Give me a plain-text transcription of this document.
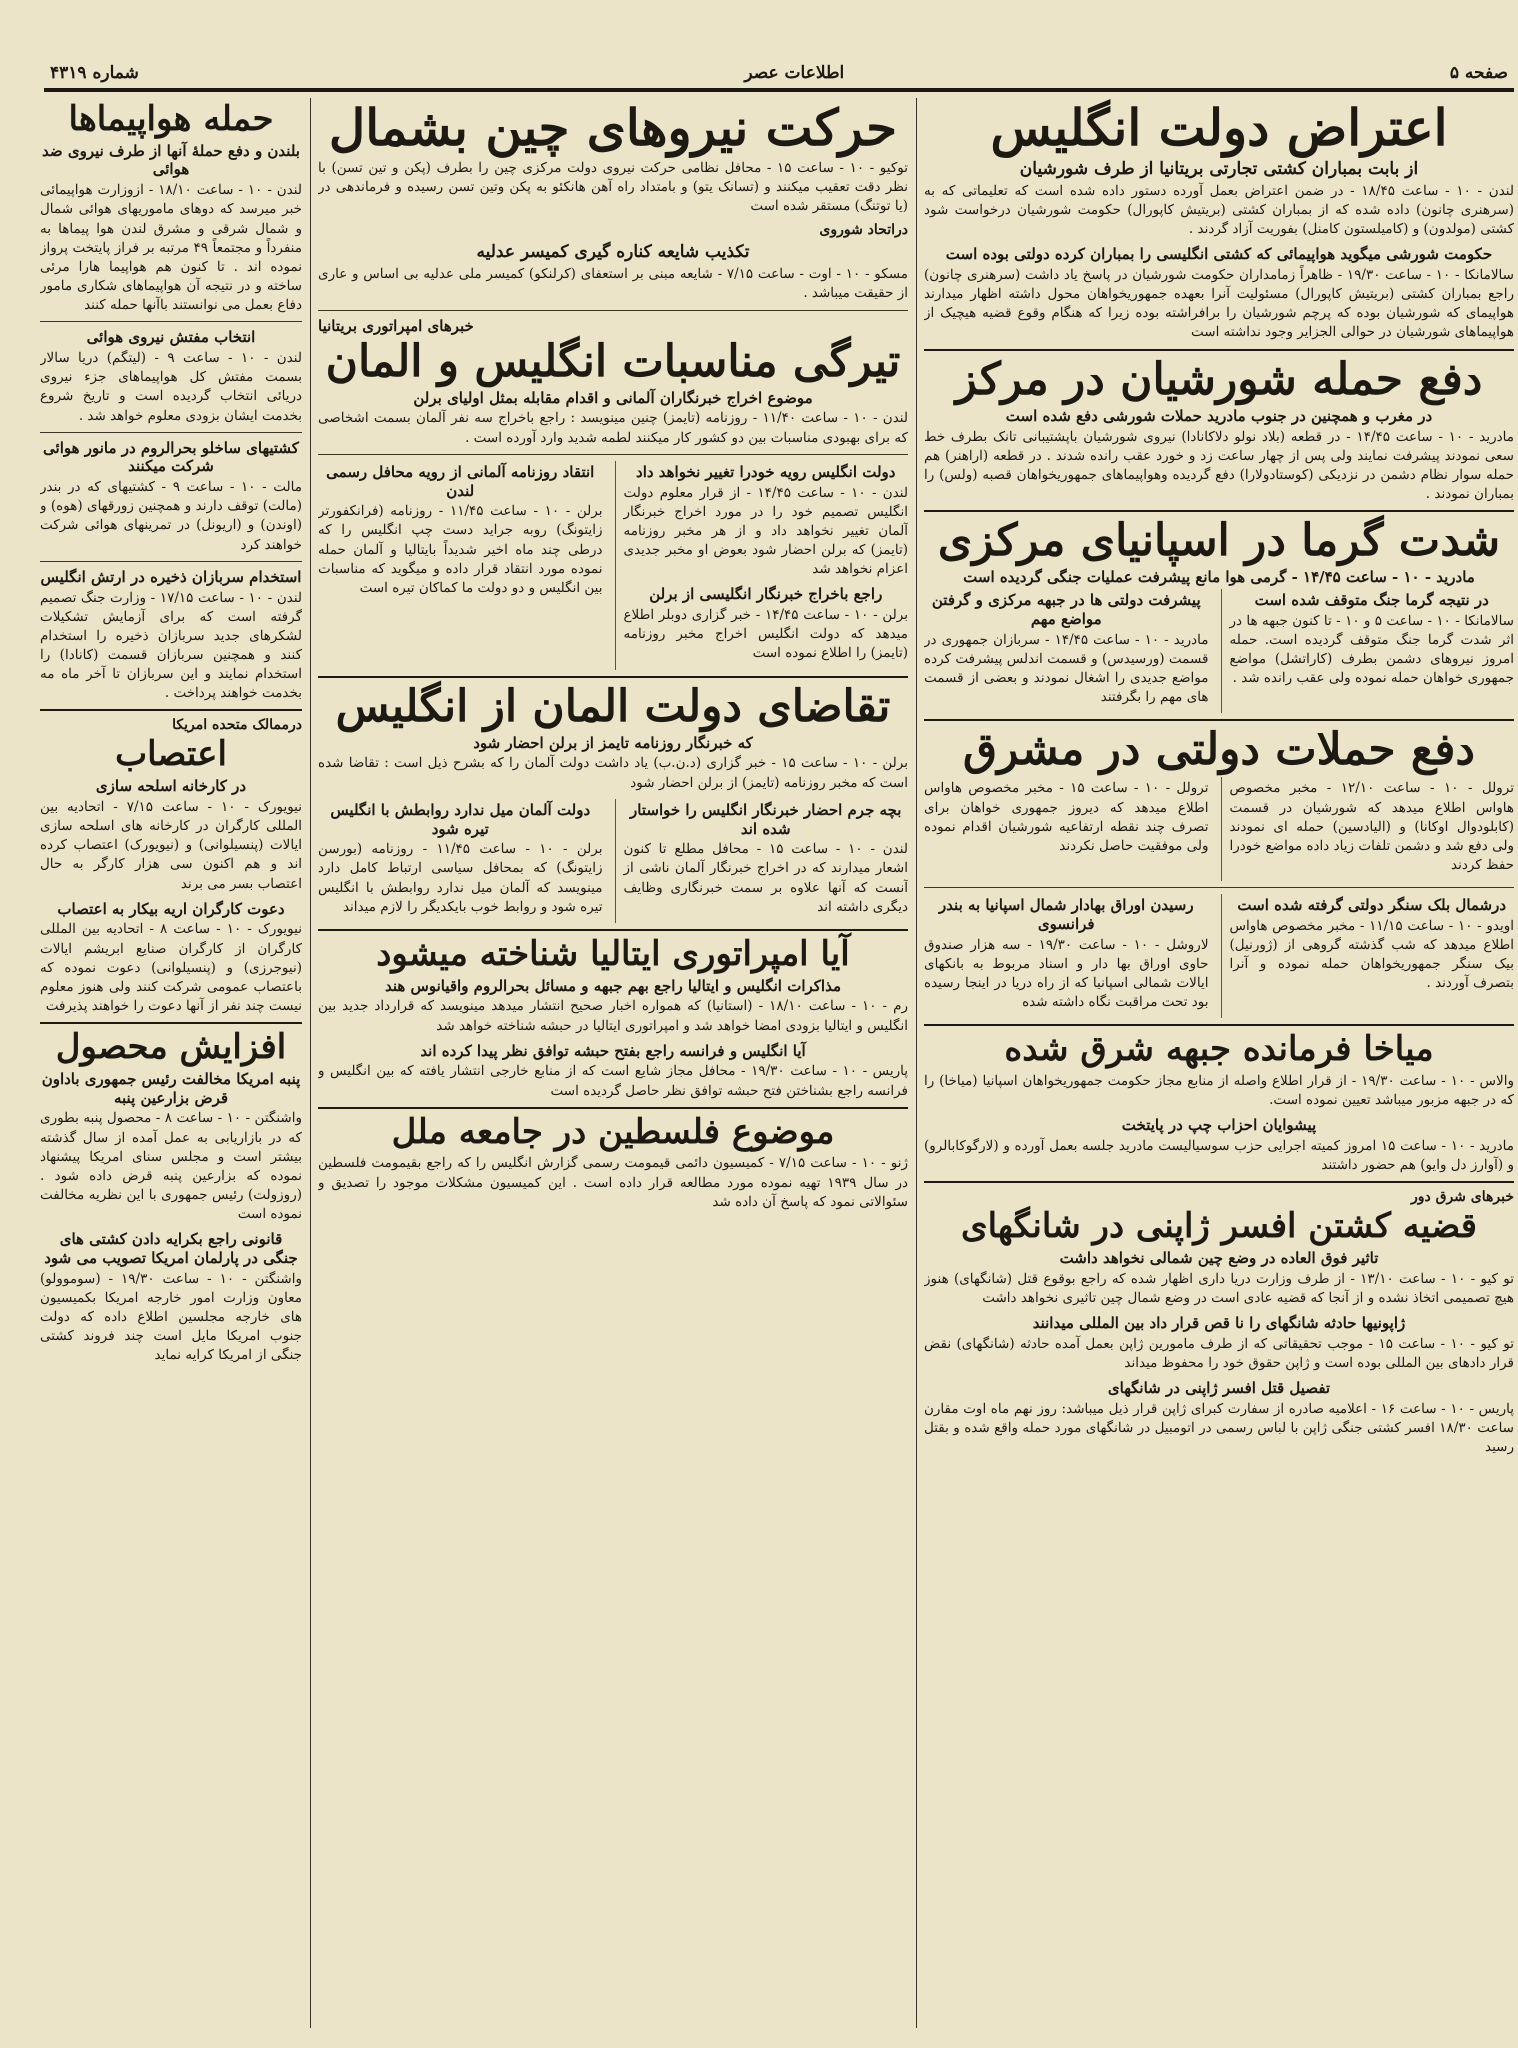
صفحه ۵
اطلاعات عصر
شماره ۴۳۱۹
اعتراض دولت انگلیس
از بابت بمباران کشتی تجارتی بریتانیا از طرف شورشیان
لندن - ۱۰ - ساعت ۱۸/۴۵ - در ضمن اعتراض بعمل آورده دستور داده شده است که تعلیماتی که به (سرهنری چانون) داده شده که از بمباران کشتی (بریتیش کاپورال) حکومت شورشیان درخواست شود کشتی (مولدون) و (کامیلستون کامنل) بفوریت آزاد گردند .
حکومت شورشی میگوید هواپیمائی که کشتی انگلیسی را بمباران کرده دولتی بوده است
سالامانکا - ۱۰ - ساعت ۱۹/۳۰ - ظاهراً زمامداران حکومت شورشیان در پاسخ یاد داشت (سرهنری چانون) راجع بمباران کشتی (بریتیش کاپورال) مسئولیت آنرا بعهده جمهوریخواهان محول داشته اظهار میدارند هواپیمای که شورشیان بوده که پرچم شورشیان را برافراشته بوده زیرا که هنگام وقوع قضیه هیچیک از هواپیماهای شورشیان در حوالی الجزایر وجود نداشته است
دفع حمله شورشیان در مرکز
در مغرب و همچنین در جنوب مادرید حملات شورشی دفع شده است
مادرید - ۱۰ - ساعت ۱۴/۴۵ - در قطعه (بلاد نولو دلاکانادا) نیروی شورشیان باپشتیبانی تانک بطرف خط سعی نمودند پیشرفت نمایند ولی پس از چهار ساعت زد و خورد عقب رانده شدند . در قطعه (اراهنر) هم حمله سوار نظام دشمن در نزدیکی (کوستادولارا) دفع گردیده وهواپیماهای جمهوریخواهان قصبه (ولس) را بمباران نمودند .
شدت گرما در اسپانیای مرکزی
مادرید - ۱۰ - ساعت ۱۴/۴۵ - گرمی هوا مانع پیشرفت عملیات جنگی گردیده است
در نتیجه گرما جنگ متوقف شده است
سالامانکا - ۱۰ - ساعت ۵ و ۱۰ - تا کنون جبهه ها در اثر شدت گرما جنگ متوقف گردیده است. حمله امروز نیروهای دشمن بطرف (کاراتشل) مواضع جمهوری خواهان حمله نموده ولی عقب رانده شد .
پیشرفت دولتی ها در جبهه مرکزی و گرفتن مواضع مهم
مادرید - ۱۰ - ساعت ۱۴/۴۵ - سربازان جمهوری در قسمت (ورسیدس) و قسمت اندلس پیشرفت کرده مواضع جدیدی را اشغال نمودند و بعضی از قسمت های مهم را بگرفتند
دفع حملات دولتی در مشرق
ترولل - ۱۰ - ساعت ۱۲/۱۰ - مخبر مخصوص هاواس اطلاع میدهد که شورشیان در قسمت (کابلودوال اوکانا) و (الیادسین) حمله ای نمودند ولی دفع شد و دشمن تلفات زیاد داده مواضع خودرا حفظ کردند
ترولل - ۱۰ - ساعت ۱۵ - مخبر مخصوص هاواس اطلاع میدهد که دیروز جمهوری خواهان برای تصرف چند نقطه ارتفاعیه شورشیان اقدام نموده ولی موفقیت حاصل نکردند
درشمال بلک سنگر دولتی گرفته شده است
اویدو - ۱۰ - ساعت ۱۱/۱۵ - مخبر مخصوص هاواس اطلاع میدهد که شب گذشته گروهی از (ژورنیل) بیک سنگر جمهوریخواهان حمله نموده و آنرا بتصرف آوردند .
رسیدن اوراق بهادار شمال اسپانیا به بندر فرانسوی
لاروشل - ۱۰ - ساعت ۱۹/۳۰ - سه هزار صندوق حاوی اوراق بها دار و اسناد مربوط به بانکهای ایالات شمالی اسپانیا که از راه دریا در اینجا رسیده بود تحت مراقبت نگاه داشته شده
میاخا فرمانده جبهه شرق شده
والاس - ۱۰ - ساعت ۱۹/۳۰ - از قرار اطلاع واصله از منابع مجاز حکومت جمهوریخواهان اسپانیا (میاخا) را که در جبهه مزبور میباشد تعیین نموده است.
پیشوایان احزاب چپ در پایتخت
مادرید - ۱۰ - ساعت ۱۵ امروز کمیته اجرایی حزب سوسیالیست مادرید جلسه بعمل آورده و (لارگوکابالرو) و (آوارز دل وایو) هم حضور داشتند
خبرهای شرق دور
قضیه کشتن افسر ژاپنی در شانگهای
تاثیر فوق العاده در وضع چین شمالی نخواهد داشت
تو کیو - ۱۰ - ساعت ۱۳/۱۰ - از طرف وزارت دریا داری اظهار شده که راجع بوقوع قتل (شانگهای) هنوز هیچ تصمیمی اتخاذ نشده و از آنجا که قضیه عادی است در وضع شمال چین تاثیری نخواهد داشت
ژاپونیها حادثه شانگهای را نا قص قرار داد بین المللی میدانند
تو کیو - ۱۰ - ساعت ۱۵ - موجب تحقیقاتی که از طرف مامورین ژاپن بعمل آمده حادثه (شانگهای) نقض قرار دادهای بین المللی بوده است و ژاپن حقوق خود را محفوظ میداند
تفصیل قتل افسر ژاپنی در شانگهای
پاریس - ۱۰ - ساعت ۱۶ - اعلامیه صادره از سفارت کبرای ژاپن قرار ذیل میباشد: روز نهم ماه اوت مقارن ساعت ۱۸/۳۰ افسر کشتی جنگی ژاپن با لباس رسمی در اتومبیل در شانگهای مورد حمله واقع شده و بقتل رسید
حرکت نیروهای چین بشمال
توکیو - ۱۰ - ساعت ۱۵ - محافل نظامی حرکت نیروی دولت مرکزی چین را بطرف (پکن و تین تسن) با نظر دقت تعقیب میکنند و (تسانک یتو) و بامتداد راه آهن هانکئو به پکن وتین تسن رسیده و فرماندهی در (یا توتنگ) مستقر شده است
دراتحاد شوروی
تکذیب شایعه کناره گیری کمیسر عدلیه
مسکو - ۱۰ - اوت - ساعت ۷/۱۵ - شایعه مبنی بر استعفای (کرلنکو) کمیسر ملی عدلیه بی اساس و عاری از حقیقت میباشد .
خبرهای امپراتوری بریتانیا
تیرگی مناسبات انگلیس و المان
موضوع اخراج خبرنگاران آلمانی و اقدام مقابله بمثل اولیای برلن
لندن - ۱۰ - ساعت ۱۱/۴۰ - روزنامه (تایمز) چنین مینویسد : راجع باخراج سه نفر آلمان بسمت اشخاصی که برای بهبودی مناسبات بین دو کشور کار میکنند لطمه شدید وارد آورده است .
دولت انگلیس رویه خودرا تغییر نخواهد داد
لندن - ۱۰ - ساعت ۱۴/۴۵ - از قرار معلوم دولت انگلیس تصمیم خود را در مورد اخراج خبرنگار آلمان تغییر نخواهد داد و از هر مخبر روزنامه (تایمز) که برلن احضار شود بعوض او مخبر جدیدی اعزام نخواهد شد
راجع باخراج خبرنگار انگلیسی از برلن
برلن - ۱۰ - ساعت ۱۴/۴۵ - خبر گزاری دوبلر اطلاع میدهد که دولت انگلیس اخراج مخبر روزنامه (تایمز) را اطلاع نموده است
انتقاد روزنامه آلمانی از رویه محافل رسمی لندن
برلن - ۱۰ - ساعت ۱۱/۴۵ - روزنامه (فرانکفورتر زایتونگ) روبه جراید دست چپ انگلیس را که درطی چند ماه اخیر شدیداً بایتالیا و آلمان حمله نموده مورد انتقاد قرار داده و میگوید که مناسبات بین انگلیس و دو دولت ما کماکان تیره است
تقاضای دولت المان از انگلیس
که خبرنگار روزنامه تایمز از برلن احضار شود
برلن - ۱۰ - ساعت ۱۵ - خبر گزاری (د.ن.ب) یاد داشت دولت آلمان را که بشرح ذیل است : تقاضا شده است که مخبر روزنامه (تایمز) از برلن احضار شود
بچه جرم احضار خبرنگار انگلیس را خواستار شده اند
لندن - ۱۰ - ساعت ۱۵ - محافل مطلع تا کنون اشعار میدارند که در اخراج خبرنگار آلمان ناشی از آنست که آنها علاوه بر سمت خبرنگاری وظایف دیگری داشته اند
دولت آلمان میل ندارد روابطش با انگلیس تیره شود
برلن - ۱۰ - ساعت ۱۱/۴۵ - روزنامه (بورسن زایتونگ) که بمحافل سیاسی ارتباط کامل دارد مینویسد که آلمان میل ندارد روابطش با انگلیس تیره شود و روابط خوب بایکدیگر را لازم میداند
آیا امپراتوری ایتالیا شناخته میشود
مذاکرات انگلیس و ایتالیا راجع بهم جبهه و مسائل بحرالروم واقیانوس هند
رم - ۱۰ - ساعت ۱۸/۱۰ - (استانیا) که همواره اخبار صحیح انتشار میدهد مینویسد که قرارداد جدید بین انگلیس و ایتالیا بزودی امضا خواهد شد و امپراتوری ایتالیا در حبشه شناخته خواهد شد
آیا انگلیس و فرانسه راجع بفتح حبشه توافق نظر پیدا کرده اند
پاریس - ۱۰ - ساعت ۱۹/۳۰ - محافل مجاز شایع است که از منابع خارجی انتشار یافته که بین انگلیس و فرانسه راجع بشناختن فتح حبشه توافق نظر حاصل گردیده است
موضوع فلسطین در جامعه ملل
ژنو - ۱۰ - ساعت ۷/۱۵ - کمیسیون دائمی قیمومت رسمی گزارش انگلیس را که راجع بقیمومت فلسطین در سال ۱۹۳۹ تهیه نموده مورد مطالعه قرار داده است . این کمیسیون مشکلات موجود را تصدیق و سئوالاتی نمود که پاسخ آن داده شد
حمله هواپیماها
بلندن و دفع حملهٔ آنها از طرف نیروی ضد هوائی
لندن - ۱۰ - ساعت ۱۸/۱۰ - ازوزارت هواپیمائی خبر میرسد که دوهای ماموریهای هوائی شمال و شمال شرقی و مشرق لندن هوا پیماها به منفرداً و مجتمعاً ۴۹ مرتبه بر فراز پایتخت پرواز نموده اند . تا کنون هم هواپیما هارا مرئی ساخته و در نتیجه آن هواپیماهای شکاری مامور دفاع بعمل می نوانستند باآنها حمله کنند
انتخاب مفتش نیروی هوائی
لندن - ۱۰ - ساعت ۹ - (لیتگم) دریا سالار بسمت مفتش کل هواپیماهای جزء نیروی دریائی انتخاب گردیده است و تاریخ شروع بخدمت ایشان بزودی معلوم خواهد شد .
کشتیهای ساخلو بحرالروم در مانور هوائی شرکت میکنند
مالت - ۱۰ - ساعت ۹ - کشتیهای که در بندر (مالت) توقف دارند و همچنین زورقهای (هوه) و (اوندن) و (اریونل) در تمرینهای هوائی شرکت خواهند کرد
استخدام سربازان ذخیره در ارتش انگلیس
لندن - ۱۰ - ساعت ۱۷/۱۵ - وزارت جنگ تصمیم گرفته است که برای آزمایش تشکیلات لشکرهای جدید سربازان ذخیره را استخدام کنند و همچنین سربازان قسمت (کانادا) را استخدام نمایند و این سربازان تا آخر ماه مه بخدمت خواهند پرداخت .
درممالک متحده امریکا
اعتصاب
در کارخانه اسلحه سازی
نیویورک - ۱۰ - ساعت ۷/۱۵ - اتحادیه بین المللی کارگران در کارخانه های اسلحه سازی ایالات (پنسیلوانی) و (نیویورک) اعتصاب کرده اند و هم اکنون سی هزار کارگر به حال اعتصاب بسر می برند
دعوت کارگران اریه بیکار به اعتصاب
نیویورک - ۱۰ - ساعت ۸ - اتحادیه بین المللی کارگران از کارگران صنایع ابریشم ایالات (نیوجرزی) و (پنسیلوانی) دعوت نموده که باعتصاب عمومی شرکت کنند ولی هنوز معلوم نیست چند نفر از آنها دعوت را خواهند پذیرفت
افزایش محصول
پنبه امریکا مخالفت رئیس جمهوری باداون قرض بزارعین پنبه
واشنگتن - ۱۰ - ساعت ۸ - محصول پنبه بطوری که در بازاریابی به عمل آمده از سال گذشته بیشتر است و مجلس سنای امریکا پیشنهاد نموده که بزارعین پنبه قرض داده شود . (روزولت) رئیس جمهوری با این نظریه مخالفت نموده است
قانونی راجع بکرایه دادن کشتی های جنگی در پارلمان امریکا تصویب می شود
واشنگتن - ۱۰ - ساعت ۱۹/۳۰ - (سوموولو) معاون وزارت امور خارجه امریکا بکمیسیون های خارجه مجلسین اطلاع داده که دولت جنوب امریکا مایل است چند فروند کشتی جنگی از امریکا کرایه نماید
